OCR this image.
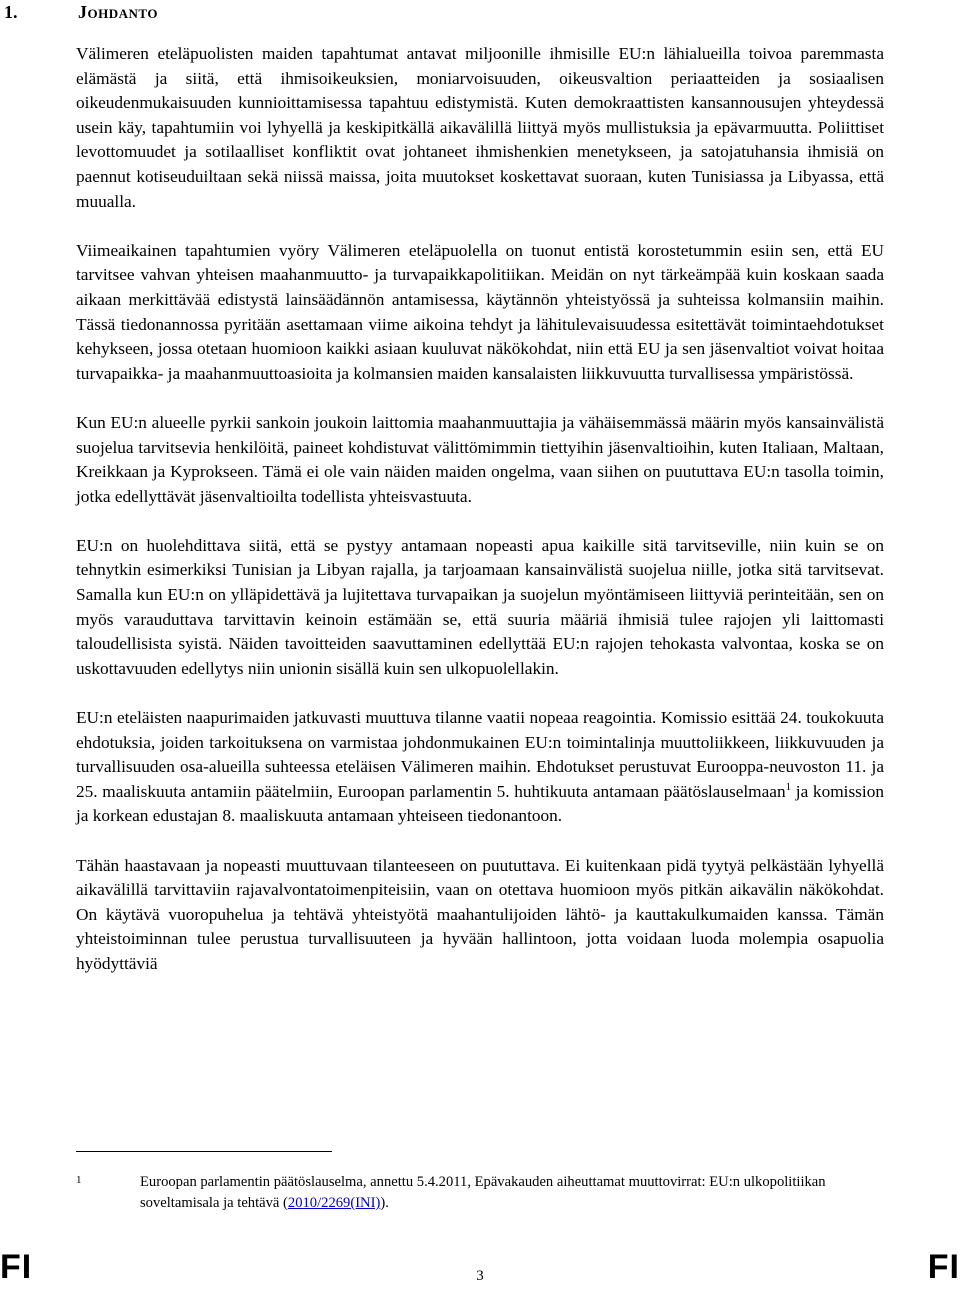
1.	Johdanto

Välimeren eteläpuolisten maiden tapahtumat antavat miljoonille ihmisille EU:n lähialueilla toivoa paremmasta elämästä ja siitä, että ihmisoikeuksien, moniarvoisuuden, oikeusvaltion periaatteiden ja sosiaalisen oikeudenmukaisuuden kunnioittamisessa tapahtuu edistymistä. Kuten demokraattisten kansannousujen yhteydessä usein käy, tapahtumiin voi lyhyellä ja keskipitkällä aikavälillä liittyä myös mullistuksia ja epävarmuutta. Poliittiset levottomuudet ja sotilaalliset konfliktit ovat johtaneet ihmishenkien menetykseen, ja satojatuhansia ihmisiä on paennut kotiseuduiltaan sekä niissä maissa, joita muutokset koskettavat suoraan, kuten Tunisiassa ja Libyassa, että muualla.

Viimeaikainen tapahtumien vyöry Välimeren eteläpuolella on tuonut entistä korostetummin esiin sen, että EU tarvitsee vahvan yhteisen maahanmuutto- ja turvapaikkapolitiikan. Meidän on nyt tärkeämpää kuin koskaan saada aikaan merkittävää edistystä lainsäädännön antamisessa, käytännön yhteistyössä ja suhteissa kolmansiin maihin. Tässä tiedonannossa pyritään asettamaan viime aikoina tehdyt ja lähitulevaisuudessa esitettävät toimintaehdotukset kehykseen, jossa otetaan huomioon kaikki asiaan kuuluvat näkökohdat, niin että EU ja sen jäsenvaltiot voivat hoitaa turvapaikka- ja maahanmuuttoasioita ja kolmansien maiden kansalaisten liikkuvuutta turvallisessa ympäristössä.

Kun EU:n alueelle pyrkii sankoin joukoin laittomia maahanmuuttajia ja vähäisemmässä määrin myös kansainvälistä suojelua tarvitsevia henkilöitä, paineet kohdistuvat välittömimmin tiettyihin jäsenvaltioihin, kuten Italiaan, Maltaan, Kreikkaan ja Kyprokseen. Tämä ei ole vain näiden maiden ongelma, vaan siihen on puututtava EU:n tasolla toimin, jotka edellyttävät jäsenvaltioilta todellista yhteisvastuuta.

EU:n on huolehdittava siitä, että se pystyy antamaan nopeasti apua kaikille sitä tarvitseville, niin kuin se on tehnytkin esimerkiksi Tunisian ja Libyan rajalla, ja tarjoamaan kansainvälistä suojelua niille, jotka sitä tarvitsevat. Samalla kun EU:n on ylläpidettävä ja lujitettava turvapaikan ja suojelun myöntämiseen liittyviä perinteitään, sen on myös varauduttava tarvittavin keinoin estämään se, että suuria määriä ihmisiä tulee rajojen yli laittomasti taloudellisista syistä. Näiden tavoitteiden saavuttaminen edellyttää EU:n rajojen tehokasta valvontaa, koska se on uskottavuuden edellytys niin unionin sisällä kuin sen ulkopuolellakin.

EU:n eteläisten naapurimaiden jatkuvasti muuttuva tilanne vaatii nopeaa reagointia. Komissio esittää 24. toukokuuta ehdotuksia, joiden tarkoituksena on varmistaa johdonmukainen EU:n toimintalinja muuttoliikkeen, liikkuvuuden ja turvallisuuden osa-alueilla suhteessa eteläisen Välimeren maihin. Ehdotukset perustuvat Eurooppa-neuvoston 11. ja 25. maaliskuuta antamiin päätelmiin, Euroopan parlamentin 5. huhtikuuta antamaan päätöslauselmaan$^1$ ja komission ja korkean edustajan 8. maaliskuuta antamaan yhteiseen tiedonantoon.

Tähän haastavaan ja nopeasti muuttuvaan tilanteeseen on puututtava. Ei kuitenkaan pidä tyytyä pelkästään lyhyellä aikavälillä tarvittaviin rajavalvontatoimenpiteisiin, vaan on otettava huomioon myös pitkän aikavälin näkökohdat. On käytävä vuoropuhelua ja tehtävä yhteistyötä maahantulijoiden lähtö- ja kauttakulkumaiden kanssa. Tämän yhteistoiminnan tulee perustua turvallisuuteen ja hyvään hallintoon, jotta voidaan luoda molempia osapuolia hyödyttäviä

1	Euroopan parlamentin päätöslauselma, annettu 5.4.2011, Epävakauden aiheuttamat muuttovirrat: EU:n ulkopolitiikan soveltamisala ja tehtävä (2010/2269(INI)).
FI	3	FI
